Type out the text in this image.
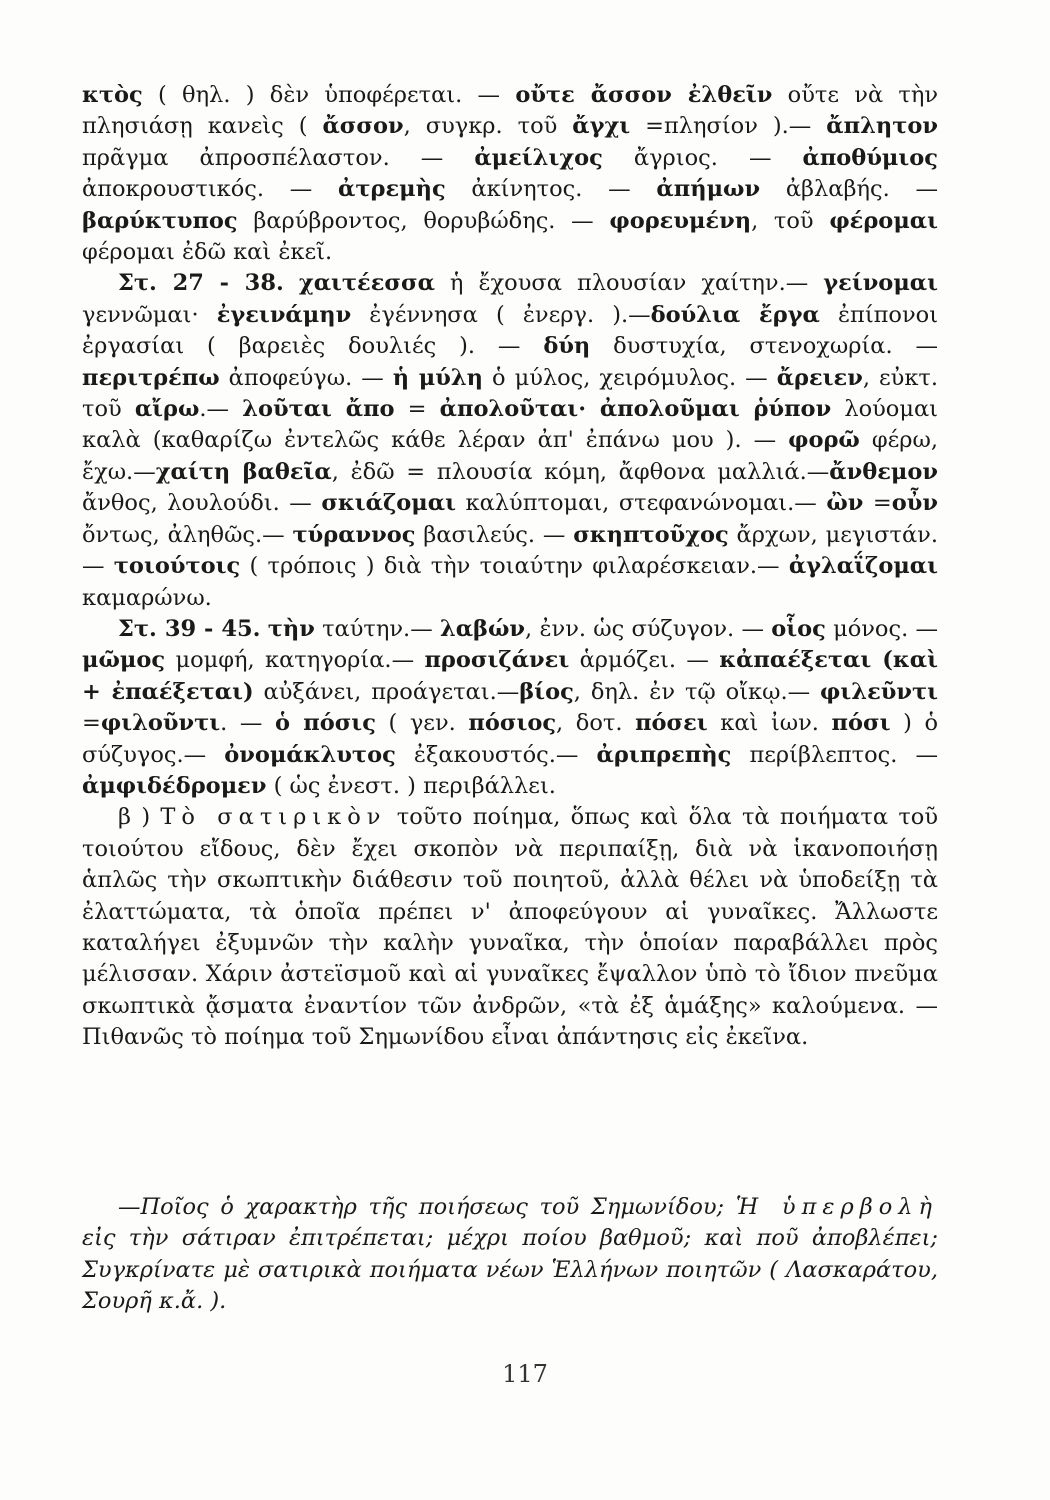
κτὸς ( θηλ. ) δὲν ὑποφέρεται. — οὔτε ἄσσον ἐλθεῖν οὔτε νὰ τὴν πλησιάσῃ κανεὶς ( ἄσσον, συγκρ. τοῦ ἄγχι =πλησίον ).— ἄπλητον πρᾶγμα ἀπροσπέλαστον. — ἀμείλιχος ἄγριος. — ἀποθύμιος ἀποκρουστικός. — ἀτρεμὴς ἀκίνητος. — ἀπήμων ἀβλαβής. — βαρύκτυπος βαρύβροντος, θορυβώδης. — φορευμένη, τοῦ φέρομαι φέρομαι ἐδῶ καὶ ἐκεῖ.

Στ. 27 - 38. χαιτέεσσα ἡ ἔχουσα πλουσίαν χαίτην.— γείνομαι γεννῶμαι· ἐγεινάμην ἐγέννησα ( ἐνεργ. ).—δούλια ἔργα ἐπίπονοι ἐργασίαι ( βαρειὲς δουλιές ). — δύη δυστυχία, στενοχωρία. — περιτρέπω ἀποφεύγω. — ἡ μύλη ὁ μύλος, χειρόμυλος. — ἄρειεν, εὐκτ. τοῦ αἴρω.— λοῦται ἄπο = ἀπολοῦται· ἀπολοῦμαι ῥύπον λούομαι καλὰ (καθαρίζω ἐντελῶς κάθε λέραν ἀπ' ἐπάνω μου ). — φορῶ φέρω, ἔχω.—χαίτη βαθεῖα, ἐδῶ = πλουσία κόμη, ἄφθονα μαλλιά.—ἄνθεμον ἄνθος, λουλούδι. — σκιάζομαι καλύπτομαι, στεφανώνομαι.— ὢν =οὖν ὄντως, ἀληθῶς.— τύραννος βασιλεύς. — σκηπτοῦχος ἄρχων, μεγιστάν.— τοιούτοις ( τρόποις ) διὰ τὴν τοιαύτην φιλαρέσκειαν.— ἀγλαΐζομαι καμαρώνω.

Στ. 39 - 45. τὴν ταύτην.— λαβών, ἐνν. ὡς σύζυγον. — οἷος μόνος. — μῶμος μομφή, κατηγορία.— προσιζάνει ἁρμόζει. — κἀπαέξεται (καὶ + ἐπαέξεται) αὐξάνει, προάγεται.—βίος, δηλ. ἐν τῷ οἴκῳ.— φιλεῦντι =φιλοῦντι. — ὁ πόσις ( γεν. πόσιος, δοτ. πόσει καὶ ἰων. πόσι ) ὁ σύζυγος.— ὀνομάκλυτος ἐξακουστός.— ἀριπρεπὴς περίβλεπτος. — ἀμφιδέδρομεν ( ὡς ἐνεστ. ) περιβάλλει.

β ) Τὸ σατιρικὸν τοῦτο ποίημα, ὅπως καὶ ὅλα τὰ ποιήματα τοῦ τοιούτου εἴδους, δὲν ἔχει σκοπὸν νὰ περιπαίξῃ, διὰ νὰ ἱκανοποιήσῃ ἁπλῶς τὴν σκωπτικὴν διάθεσιν τοῦ ποιητοῦ, ἀλλὰ θέλει νὰ ὑποδείξῃ τὰ ἐλαττώματα, τὰ ὁποῖα πρέπει ν' ἀποφεύγουν αἱ γυναῖκες. Ἄλλωστε καταλήγει ἐξυμνῶν τὴν καλὴν γυναῖκα, τὴν ὁποίαν παραβάλλει πρὸς μέλισσαν. Χάριν ἀστεϊσμοῦ καὶ αἱ γυναῖκες ἔψαλλον ὑπὸ τὸ ἴδιον πνεῦμα σκωπτικὰ ᾄσματα ἐναντίον τῶν ἀνδρῶν, «τὰ ἐξ ἁμάξης» καλούμενα. — Πιθανῶς τὸ ποίημα τοῦ Σημωνίδου εἶναι ἀπάντησις εἰς ἐκεῖνα.

—Ποῖος ὁ χαρακτὴρ τῆς ποιήσεως τοῦ Σημωνίδου; Ἡ ὑπερβολὴ εἰς τὴν σάτιραν ἐπιτρέπεται; μέχρι ποίου βαθμοῦ; καὶ ποῦ ἀποβλέπει; Συγκρίνατε μὲ σατιρικὰ ποιήματα νέων Ἑλλήνων ποιητῶν ( Λασκαράτου, Σουρῆ κ.ἄ. ).
117
